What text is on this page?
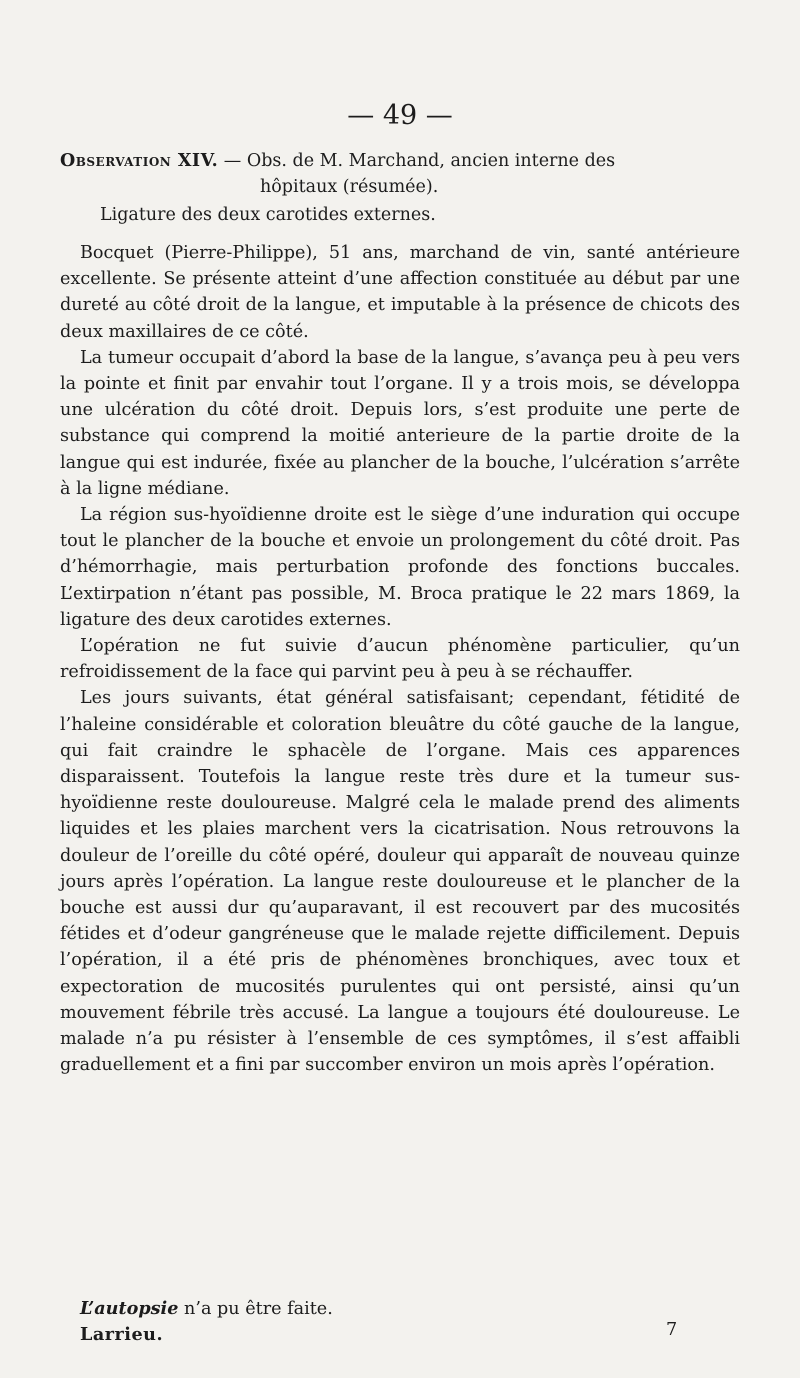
— 49 —
Observation XIV. — Obs. de M. Marchand, ancien interne des
hôpitaux (résumée).
Ligature des deux carotides externes.

Bocquet (Pierre-Philippe), 51 ans, marchand de vin, santé antérieure excellente. Se présente atteint d’une affection constituée au début par une dureté au côté droit de la langue, et imputable à la présence de chicots des deux maxillaires de ce côté.

La tumeur occupait d’abord la base de la langue, s’avança peu à peu vers la pointe et finit par envahir tout l’organe. Il y a trois mois, se développa une ulcération du côté droit. Depuis lors, s’est produite une perte de substance qui comprend la moitié anterieure de la partie droite de la langue qui est indurée, fixée au plancher de la bouche, l’ulcération s’arrête à la ligne médiane.

La région sus-hyoïdienne droite est le siège d’une induration qui occupe tout le plancher de la bouche et envoie un prolongement du côté droit. Pas d’hémorrhagie, mais perturbation profonde des fonctions buccales. L’extirpation n’étant pas possible, M. Broca pratique le 22 mars 1869, la ligature des deux carotides externes.

L’opération ne fut suivie d’aucun phénomène particulier, qu’un refroidissement de la face qui parvint peu à peu à se réchauffer.

Les jours suivants, état général satisfaisant; cependant, fétidité de l’haleine considérable et coloration bleuâtre du côté gauche de la langue, qui fait craindre le sphacèle de l’organe. Mais ces apparences disparaissent. Toutefois la langue reste très dure et la tumeur sus-hyoïdienne reste douloureuse. Malgré cela le malade prend des aliments liquides et les plaies marchent vers la cicatrisation. Nous retrouvons la douleur de l’oreille du côté opéré, douleur qui apparaît de nouveau quinze jours après l’opération. La langue reste douloureuse et le plancher de la bouche est aussi dur qu’auparavant, il est recouvert par des mucosités fétides et d’odeur gangréneuse que le malade rejette difficilement. Depuis l’opération, il a été pris de phénomènes bronchiques, avec toux et expectoration de mucosités purulentes qui ont persisté, ainsi qu’un mouvement fébrile très accusé. La langue a toujours été douloureuse. Le malade n’a pu résister à l’ensemble de ces symptômes, il s’est affaibli graduellement et a fini par succomber environ un mois après l’opération.

L’autopsie n’a pu être faite.
Larrieu.	7
